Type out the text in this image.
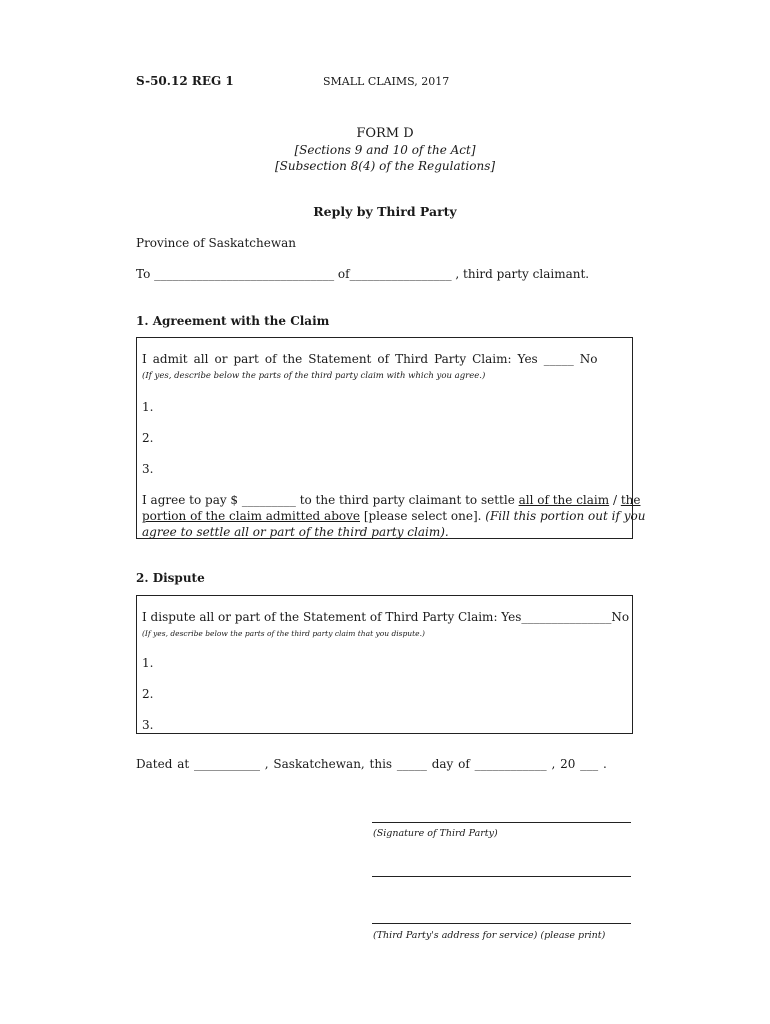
S-50.12 REG 1	SMALL CLAIMS, 2017
FORM D
[Sections 9 and 10 of the Act]
[Subsection 8(4) of the Regulations]
Reply by Third Party
Province of Saskatchewan
To ______________________________ of_________________ , third party claimant.
1. Agreement with the Claim
I admit all or part of the Statement of Third Party Claim: Yes _____ No
(If yes, describe below the parts of the third party claim with which you agree.)
1.
2.
3.
I agree to pay $ _________ to the third party claimant to settle all of the claim / the
portion of the claim admitted above [please select one]. (Fill this portion out if you
agree to settle all or part of the third party claim).
2. Dispute
I dispute all or part of the Statement of Third Party Claim: Yes_______________No
(If yes, describe below the parts of the third party claim that you dispute.)
1.
2.
3.
Dated at ___________ , Saskatchewan, this _____ day of ____________ , 20 ___ .
(Signature of Third Party)
(Third Party's address for service) (please print)
